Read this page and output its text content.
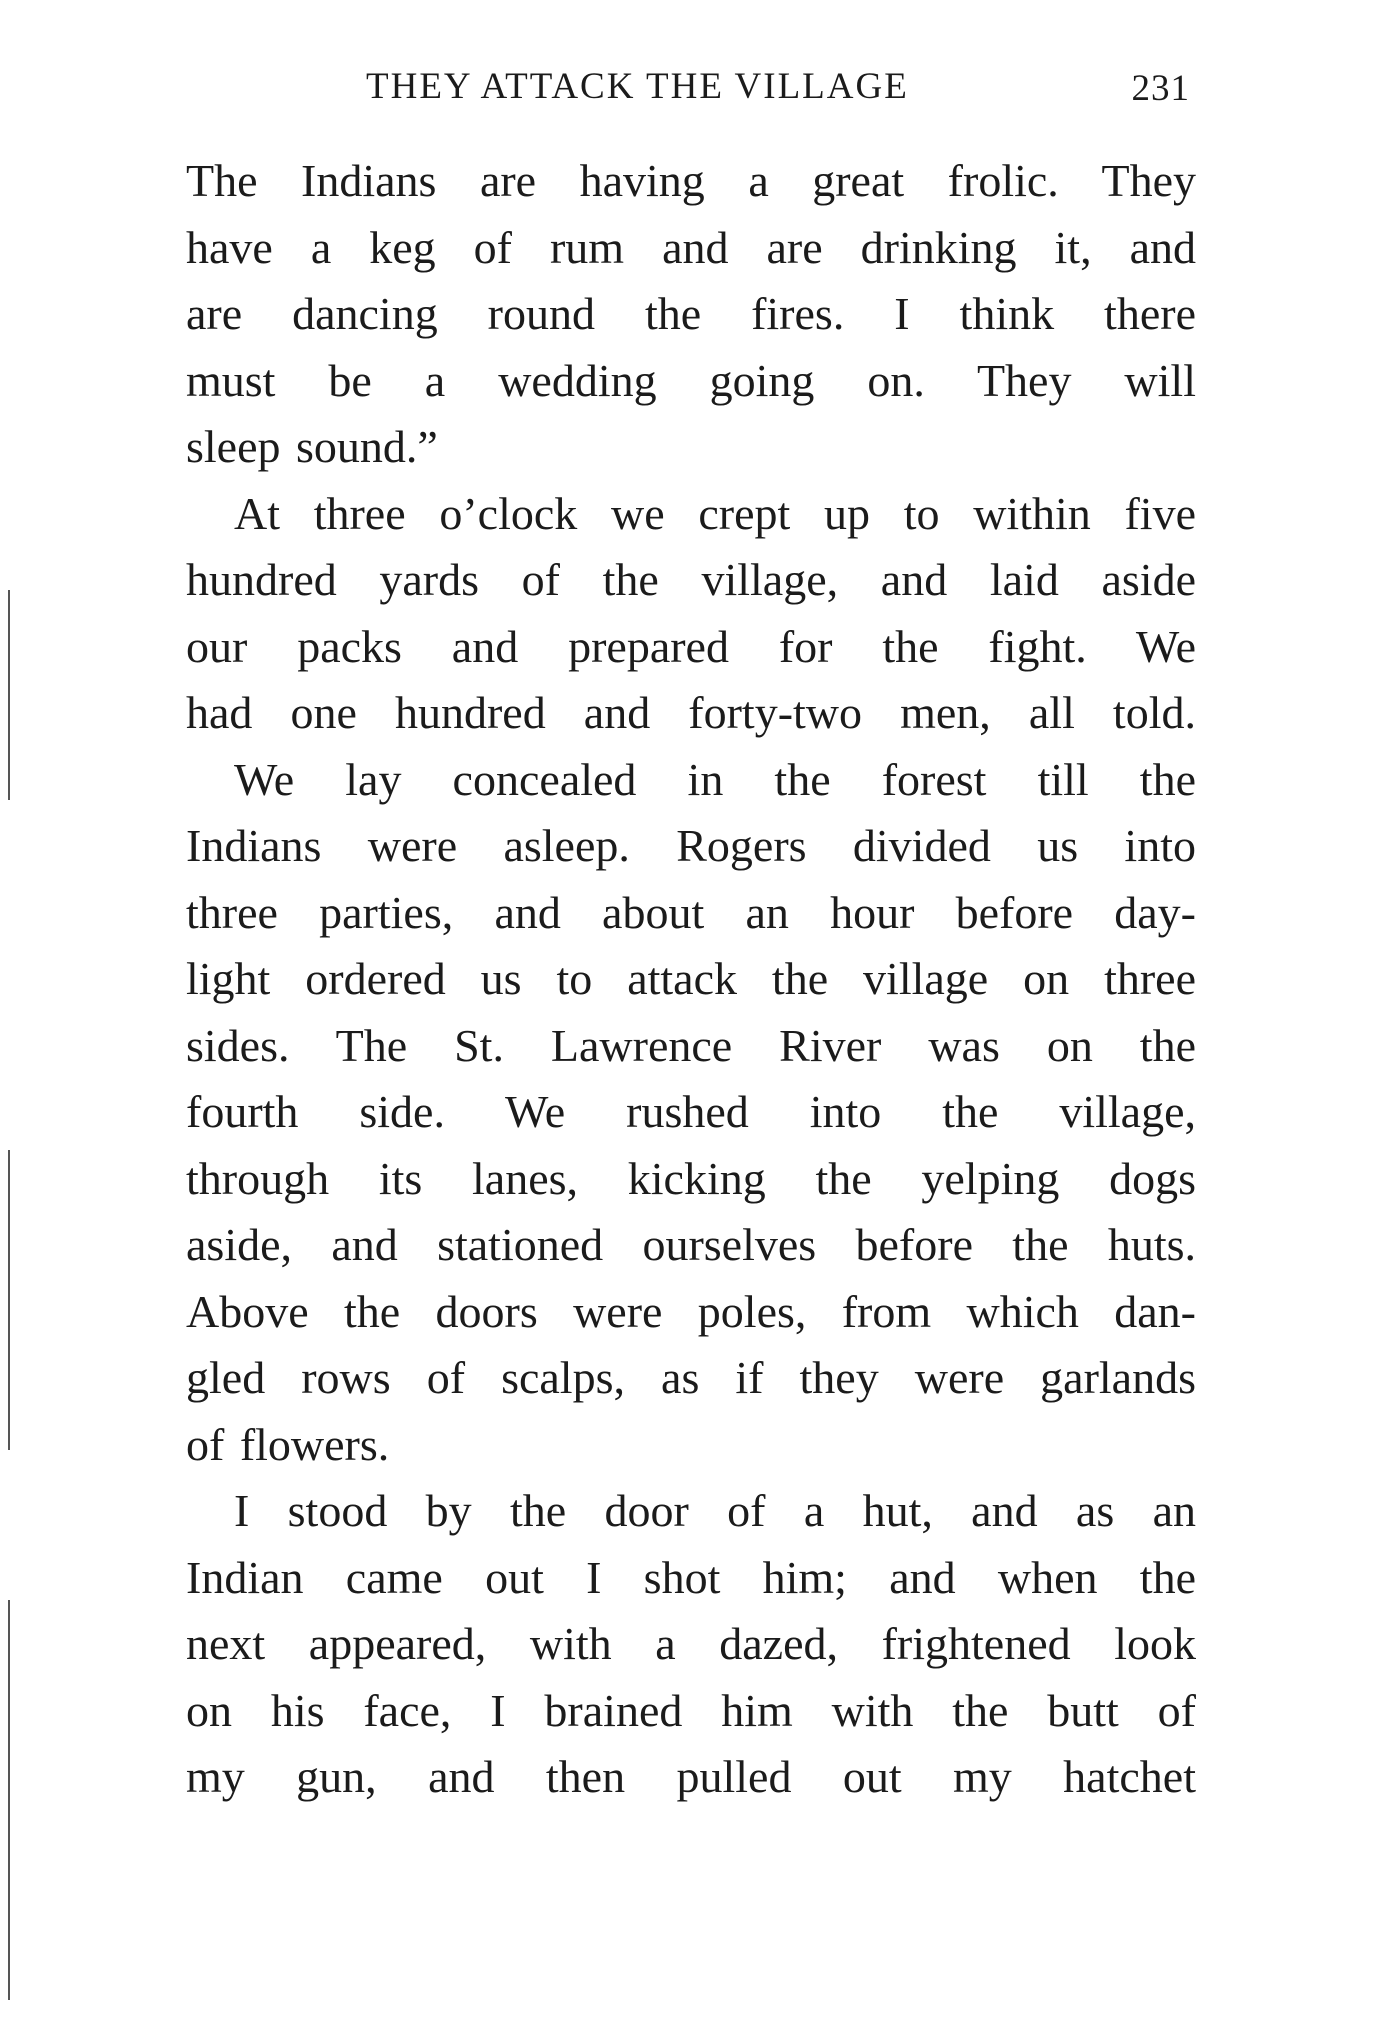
THEY ATTACK THE VILLAGE	231

The Indians are having a great frolic. They
have a keg of rum and are drinking it, and
are dancing round the fires. I think there
must be a wedding going on. They will
sleep sound.”

At three o’clock we crept up to within five
hundred yards of the village, and laid aside
our packs and prepared for the fight. We
had one hundred and forty-two men, all told.

We lay concealed in the forest till the
Indians were asleep. Rogers divided us into
three parties, and about an hour before day-
light ordered us to attack the village on three
sides. The St. Lawrence River was on the
fourth side. We rushed into the village,
through its lanes, kicking the yelping dogs
aside, and stationed ourselves before the huts.
Above the doors were poles, from which dan-
gled rows of scalps, as if they were garlands
of flowers.

I stood by the door of a hut, and as an
Indian came out I shot him; and when the
next appeared, with a dazed, frightened look
on his face, I brained him with the butt of
my gun, and then pulled out my hatchet
